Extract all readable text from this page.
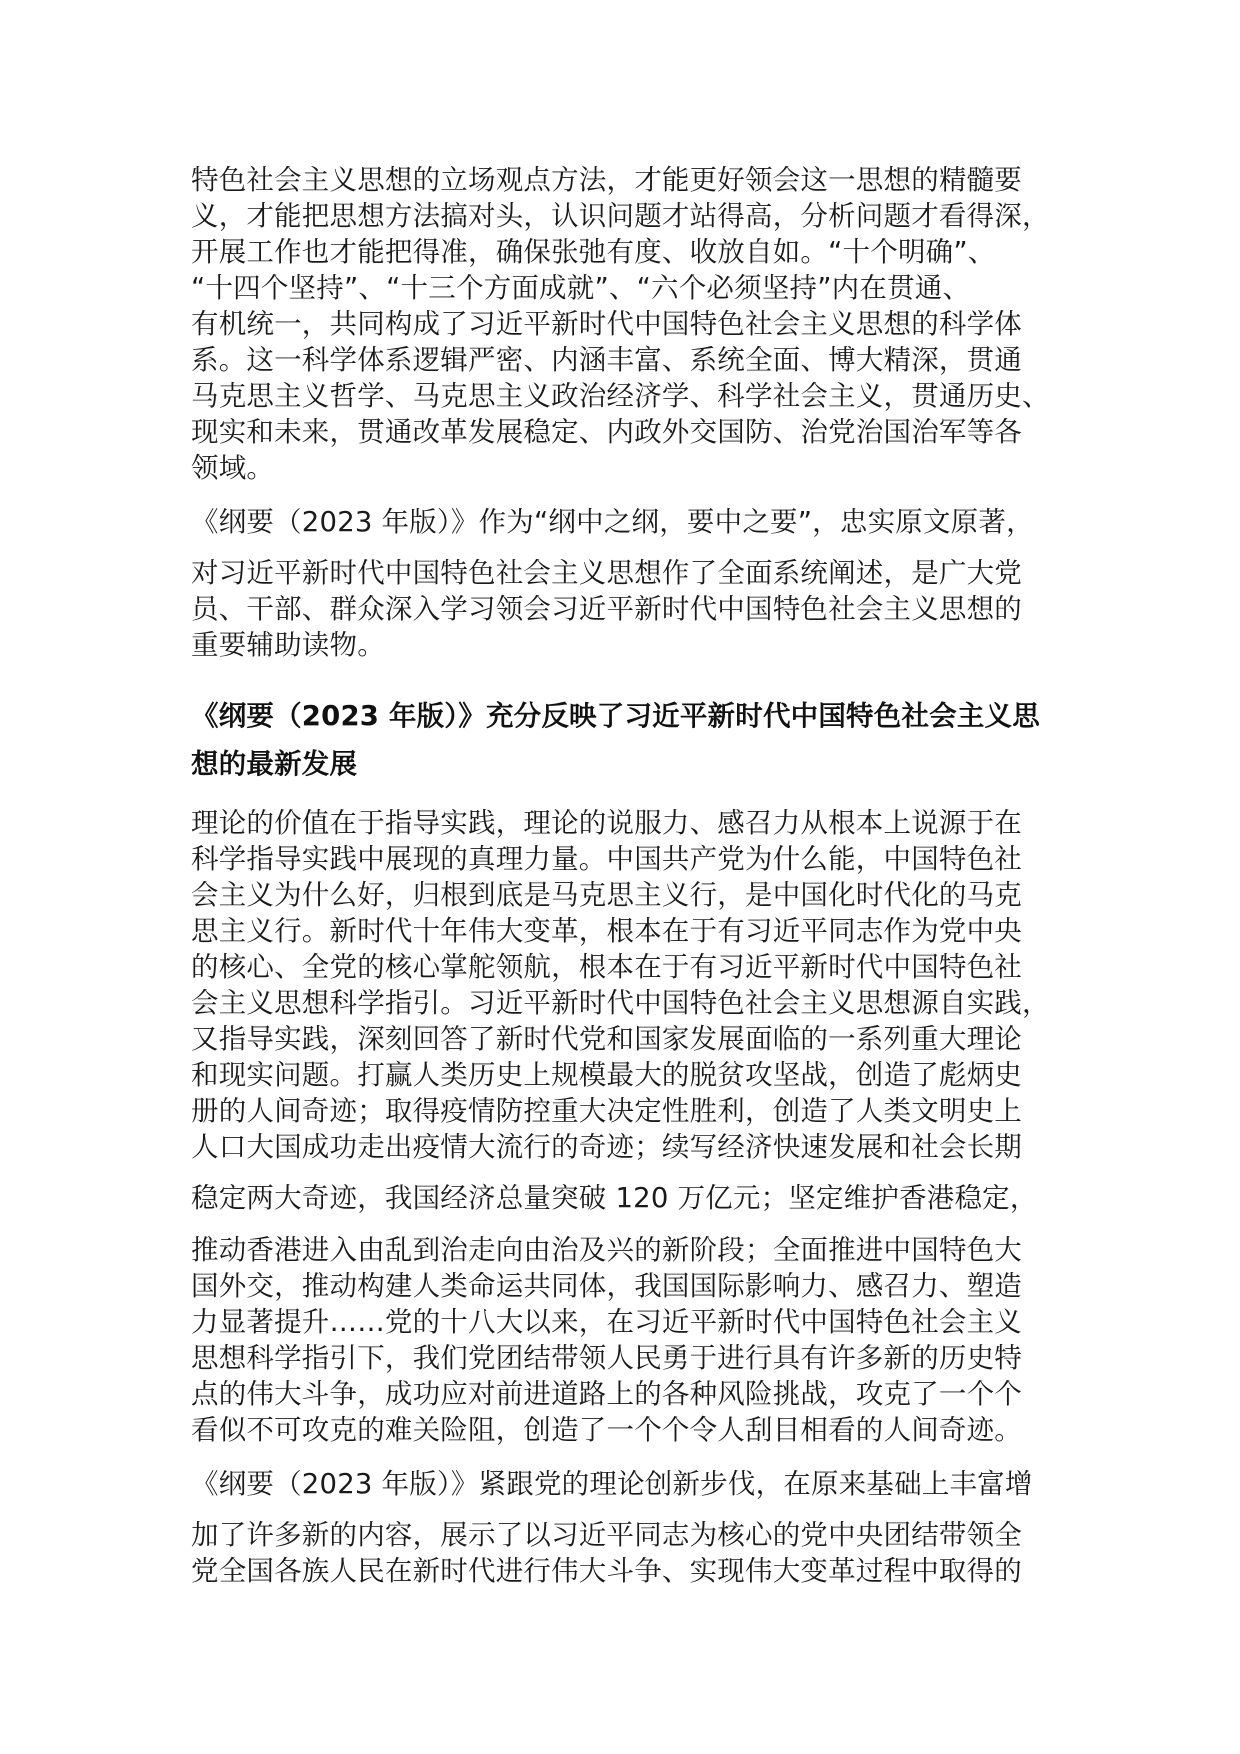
特色社会主义思想的立场观点方法，才能更好领会这一思想的精髓要
义，才能把思想方法搞对头，认识问题才站得高，分析问题才看得深，
开展工作也才能把得准，确保张弛有度、收放自如。“十个明确”、
“十四个坚持”、“十三个方面成就”、“六个必须坚持”内在贯通、
有机统一，共同构成了习近平新时代中国特色社会主义思想的科学体
系。这一科学体系逻辑严密、内涵丰富、系统全面、博大精深，贯通
马克思主义哲学、马克思主义政治经济学、科学社会主义，贯通历史、
现实和未来，贯通改革发展稳定、内政外交国防、治党治国治军等各
领域。
《纲要（2023 年版）》作为“纲中之纲，要中之要”，忠实原文原著，
对习近平新时代中国特色社会主义思想作了全面系统阐述，是广大党
员、干部、群众深入学习领会习近平新时代中国特色社会主义思想的
重要辅助读物。
《纲要（2023 年版）》充分反映了习近平新时代中国特色社会主义思
想的最新发展
理论的价值在于指导实践，理论的说服力、感召力从根本上说源于在
科学指导实践中展现的真理力量。中国共产党为什么能，中国特色社
会主义为什么好，归根到底是马克思主义行，是中国化时代化的马克
思主义行。新时代十年伟大变革，根本在于有习近平同志作为党中央
的核心、全党的核心掌舵领航，根本在于有习近平新时代中国特色社
会主义思想科学指引。习近平新时代中国特色社会主义思想源自实践，
又指导实践，深刻回答了新时代党和国家发展面临的一系列重大理论
和现实问题。打赢人类历史上规模最大的脱贫攻坚战，创造了彪炳史
册的人间奇迹；取得疫情防控重大决定性胜利，创造了人类文明史上
人口大国成功走出疫情大流行的奇迹；续写经济快速发展和社会长期
稳定两大奇迹，我国经济总量突破 120 万亿元；坚定维护香港稳定，
推动香港进入由乱到治走向由治及兴的新阶段；全面推进中国特色大
国外交，推动构建人类命运共同体，我国国际影响力、感召力、塑造
力显著提升……党的十八大以来，在习近平新时代中国特色社会主义
思想科学指引下，我们党团结带领人民勇于进行具有许多新的历史特
点的伟大斗争，成功应对前进道路上的各种风险挑战，攻克了一个个
看似不可攻克的难关险阻，创造了一个个令人刮目相看的人间奇迹。
《纲要（2023 年版）》紧跟党的理论创新步伐，在原来基础上丰富增
加了许多新的内容，展示了以习近平同志为核心的党中央团结带领全
党全国各族人民在新时代进行伟大斗争、实现伟大变革过程中取得的
